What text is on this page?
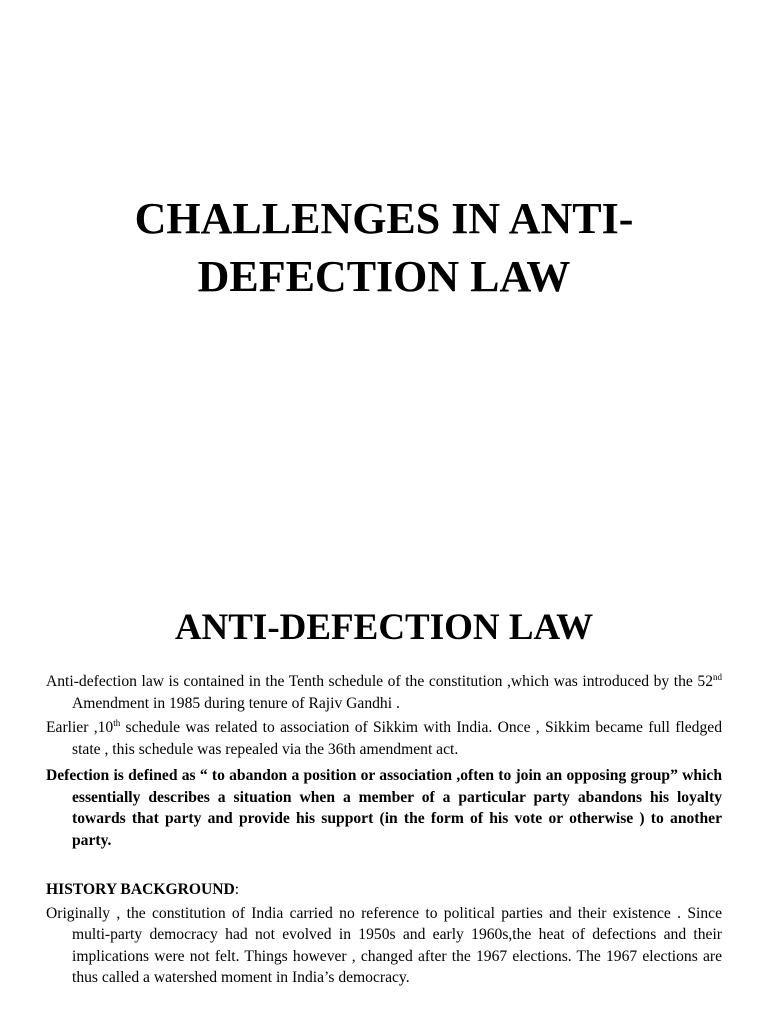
CHALLENGES IN ANTI-
DEFECTION LAW
ANTI-DEFECTION LAW

Anti-defection law is contained in the Tenth schedule of the constitution ,which was introduced by the 52nd Amendment in 1985 during tenure of Rajiv Gandhi .

Earlier ,10th schedule was related to association of Sikkim with India. Once , Sikkim became full fledged state , this schedule was repealed via the 36th amendment act.

Defection is defined as “ to abandon a position or association ,often to join an opposing group” which essentially describes a situation when a member of a particular party abandons his loyalty towards that party and provide his support (in the form of his vote or otherwise ) to another party.

HISTORY BACKGROUND:

Originally , the constitution of India carried no reference to political parties and their existence . Since multi-party democracy had not evolved in 1950s and early 1960s,the heat of defections and their implications were not felt. Things however , changed after the 1967 elections. The 1967 elections are thus called a watershed moment in India’s democracy.
